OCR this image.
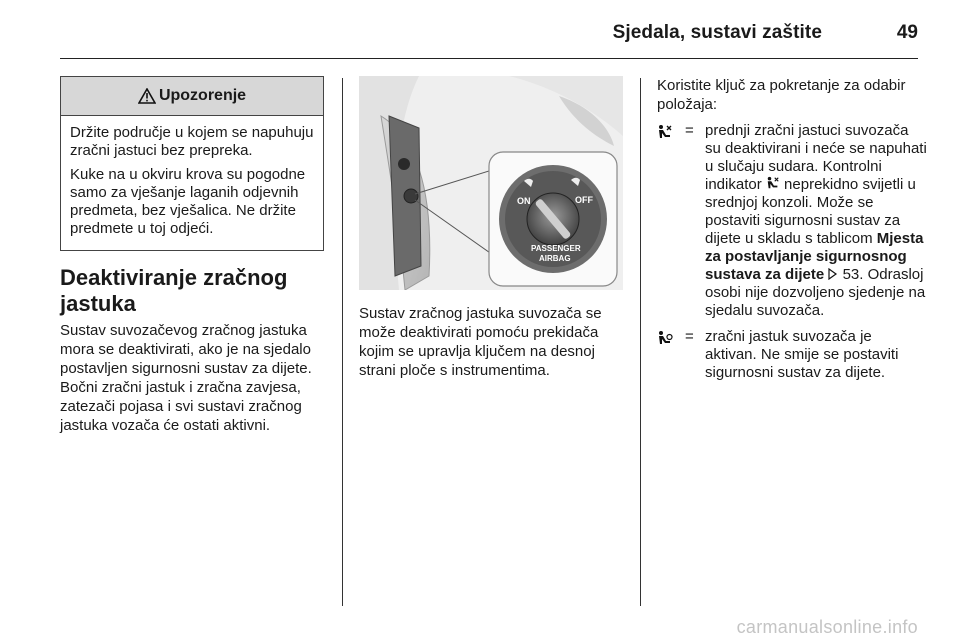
Sjedala, sustavi zaštite	49
Upozorenje

Držite područje u kojem se napuhuju zračni jastuci bez prepreka.

Kuke na u okviru krova su pogodne samo za vješanje laganih odjevnih predmeta, bez vješalica. Ne držite predmete u toj odjeći.

Deaktiviranje zračnog jastuka

Sustav suvozačevog zračnog jastuka mora se deaktivirati, ako je na sjedalo postavljen sigurnosni sustav za dijete. Bočni zračni jastuk i zračna zavjesa, zatezači pojasa i svi sustavi zračnog jastuka vozača će ostati aktivni.

ON	OFF
PASSENGER
AIRBAG

Sustav zračnog jastuka suvozača se može deaktivirati pomoću prekidača kojim se upravlja ključem na desnoj strani ploče s instrumentima.

Koristite ključ za pokretanje za odabir položaja:

= prednji zračni jastuci suvozača su deaktivirani i neće se napuhati u slučaju sudara. Kontrolni indikator neprekidno svijetli u srednjoj konzoli. Može se postaviti sigurnosni sustav za dijete u skladu s tablicom Mjesta za postavljanje sigurnosnog sustava za dijete 53. Odrasloj osobi nije dozvoljeno sjedenje na sjedalu suvozača.
= zračni jastuk suvozača je aktivan. Ne smije se postaviti sigurnosni sustav za dijete.
carmanualsonline.info
